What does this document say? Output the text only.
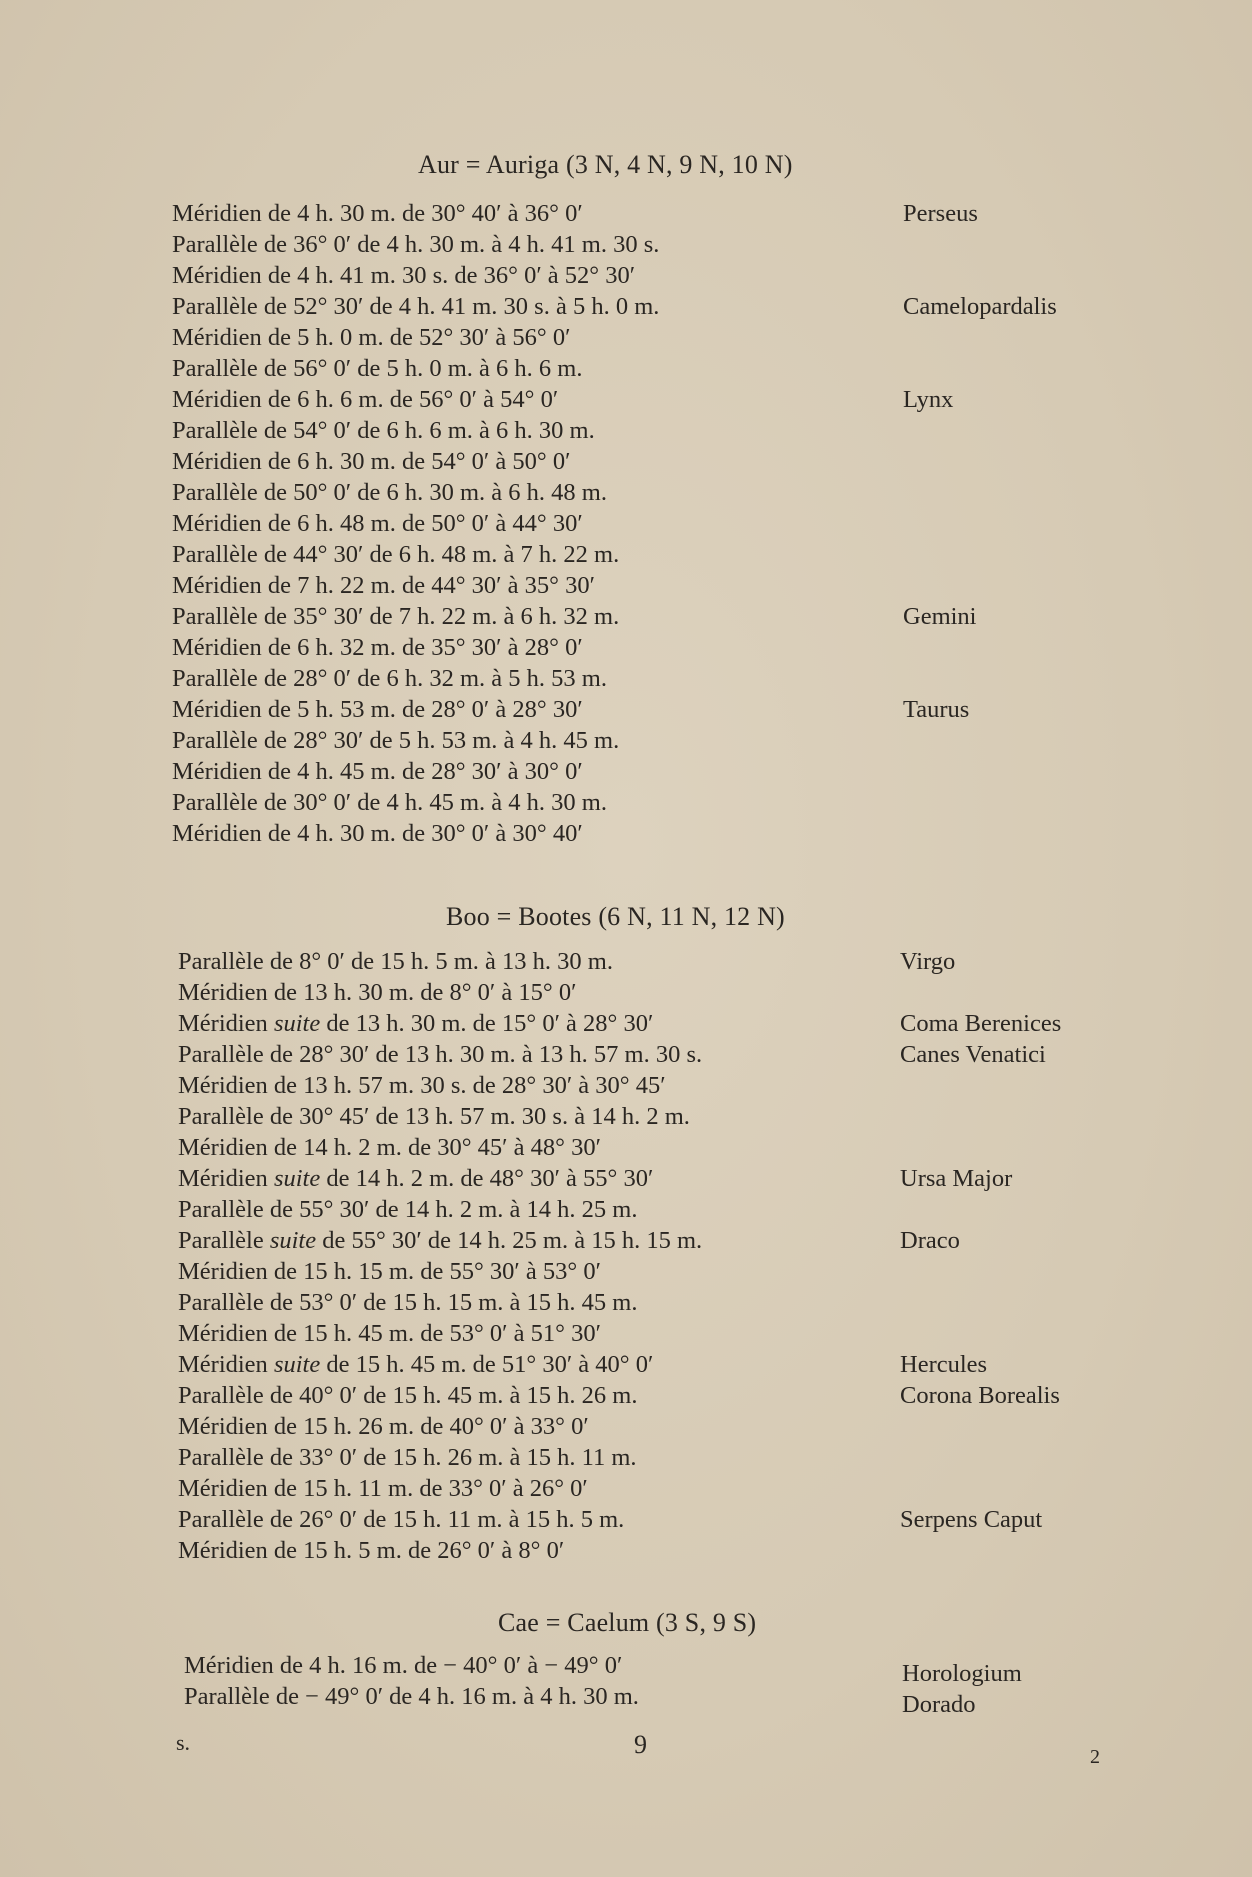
Aur = Auriga (3 N, 4 N, 9 N, 10 N)
Méridien de 4 h. 30 m. de 30° 40′ à 36° 0′
Parallèle de 36° 0′ de 4 h. 30 m. à 4 h. 41 m. 30 s.
Méridien de 4 h. 41 m. 30 s. de 36° 0′ à 52° 30′
Parallèle de 52° 30′ de 4 h. 41 m. 30 s. à 5 h. 0 m.
Méridien de 5 h. 0 m. de 52° 30′ à 56° 0′
Parallèle de 56° 0′ de 5 h. 0 m. à 6 h. 6 m.
Méridien de 6 h. 6 m. de 56° 0′ à 54° 0′
Parallèle de 54° 0′ de 6 h. 6 m. à 6 h. 30 m.
Méridien de 6 h. 30 m. de 54° 0′ à 50° 0′
Parallèle de 50° 0′ de 6 h. 30 m. à 6 h. 48 m.
Méridien de 6 h. 48 m. de 50° 0′ à 44° 30′
Parallèle de 44° 30′ de 6 h. 48 m. à 7 h. 22 m.
Méridien de 7 h. 22 m. de 44° 30′ à 35° 30′
Parallèle de 35° 30′ de 7 h. 22 m. à 6 h. 32 m.
Méridien de 6 h. 32 m. de 35° 30′ à 28° 0′
Parallèle de 28° 0′ de 6 h. 32 m. à 5 h. 53 m.
Méridien de 5 h. 53 m. de 28° 0′ à 28° 30′
Parallèle de 28° 30′ de 5 h. 53 m. à 4 h. 45 m.
Méridien de 4 h. 45 m. de 28° 30′ à 30° 0′
Parallèle de 30° 0′ de 4 h. 45 m. à 4 h. 30 m.
Méridien de 4 h. 30 m. de 30° 0′ à 30° 40′
Perseus
Camelopardalis
Lynx
Gemini
Taurus
Boo = Bootes (6 N, 11 N, 12 N)
Parallèle de 8° 0′ de 15 h. 5 m. à 13 h. 30 m.
Méridien de 13 h. 30 m. de 8° 0′ à 15° 0′
Méridien suite de 13 h. 30 m. de 15° 0′ à 28° 30′
Parallèle de 28° 30′ de 13 h. 30 m. à 13 h. 57 m. 30 s.
Méridien de 13 h. 57 m. 30 s. de 28° 30′ à 30° 45′
Parallèle de 30° 45′ de 13 h. 57 m. 30 s. à 14 h. 2 m.
Méridien de 14 h. 2 m. de 30° 45′ à 48° 30′
Méridien suite de 14 h. 2 m. de 48° 30′ à 55° 30′
Parallèle de 55° 30′ de 14 h. 2 m. à 14 h. 25 m.
Parallèle suite de 55° 30′ de 14 h. 25 m. à 15 h. 15 m.
Méridien de 15 h. 15 m. de 55° 30′ à 53° 0′
Parallèle de 53° 0′ de 15 h. 15 m. à 15 h. 45 m.
Méridien de 15 h. 45 m. de 53° 0′ à 51° 30′
Méridien suite de 15 h. 45 m. de 51° 30′ à 40° 0′
Parallèle de 40° 0′ de 15 h. 45 m. à 15 h. 26 m.
Méridien de 15 h. 26 m. de 40° 0′ à 33° 0′
Parallèle de 33° 0′ de 15 h. 26 m. à 15 h. 11 m.
Méridien de 15 h. 11 m. de 33° 0′ à 26° 0′
Parallèle de 26° 0′ de 15 h. 11 m. à 15 h. 5 m.
Méridien de 15 h. 5 m. de 26° 0′ à 8° 0′
Virgo
Coma Berenices
Canes Venatici
Ursa Major
Draco
Hercules
Corona Borealis
Serpens Caput
Cae = Caelum (3 S, 9 S)
Méridien de 4 h. 16 m. de − 40° 0′ à − 49° 0′
Parallèle de − 49° 0′ de 4 h. 16 m. à 4 h. 30 m.
Horologium
Dorado
s.	9	2
